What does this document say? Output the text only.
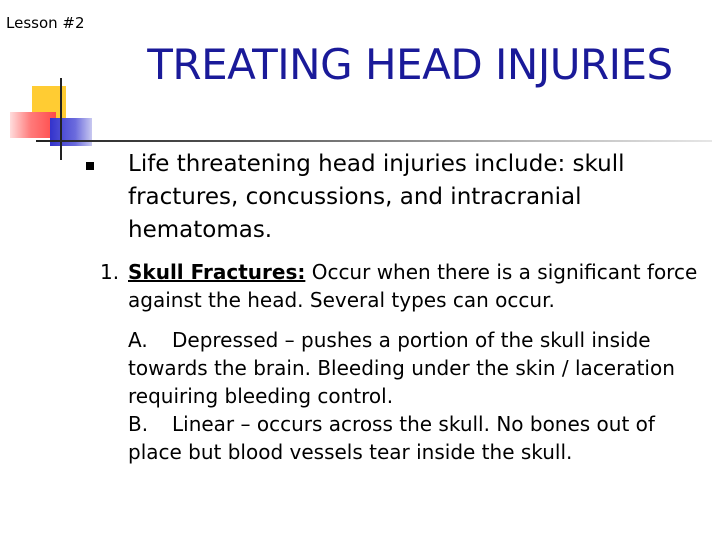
Lesson #2
TREATING HEAD INJURIES
Life threatening head injuries include: skull fractures, concussions, and intracranial hematomas.
1. Skull Fractures: Occur when there is a significant force against the head. Several types can occur.
A. Depressed – pushes a portion of the skull inside towards the brain. Bleeding under the skin / laceration requiring bleeding control.
B. Linear – occurs across the skull. No bones out of place but blood vessels tear inside the skull.
